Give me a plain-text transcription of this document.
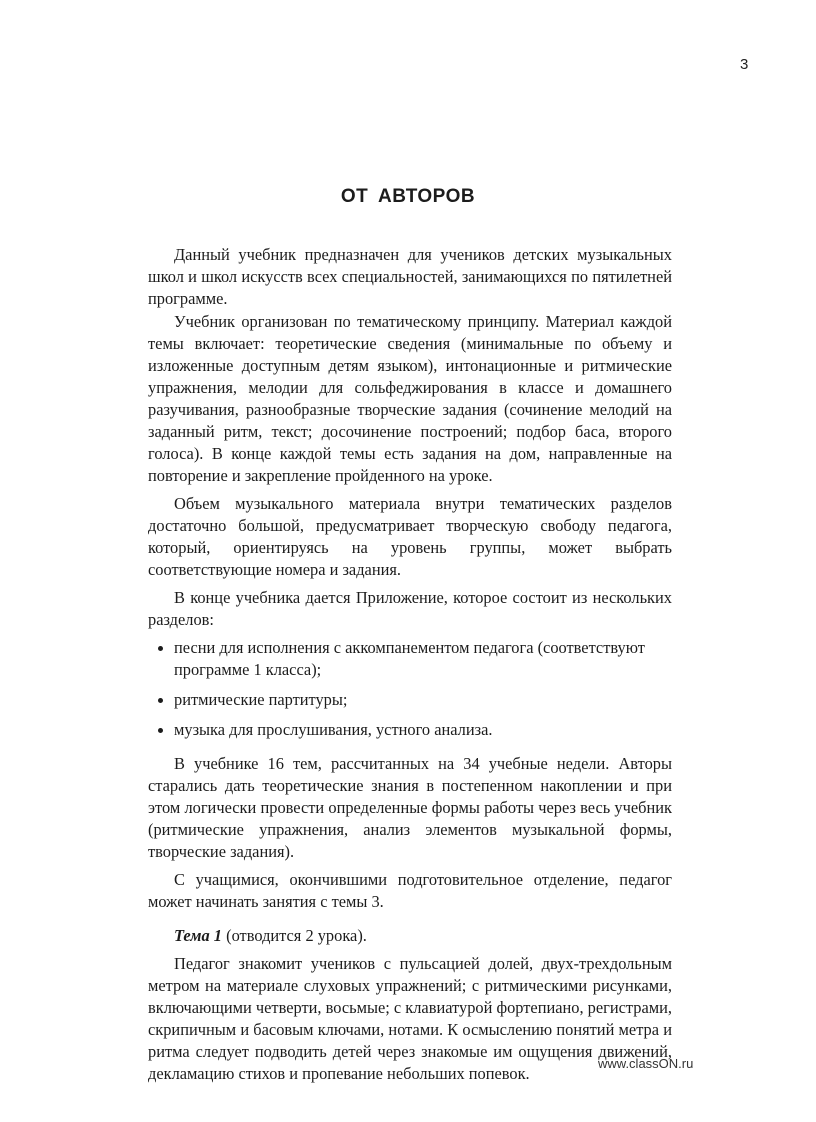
3
ОТ АВТОРОВ

Данный учебник предназначен для учеников детских музыкальных школ и школ искусств всех специальностей, занимающихся по пятилетней программе.

Учебник организован по тематическому принципу. Материал каждой темы включает: теоретические сведения (минимальные по объему и изложенные доступным детям языком), интонационные и ритмические упражнения, мелодии для сольфеджирования в классе и домашнего разучивания, разнообразные творческие задания (сочинение мелодий на заданный ритм, текст; досочинение построений; подбор баса, второго голоса). В конце каждой темы есть задания на дом, направленные на повторение и закрепление пройденного на уроке.

Объем музыкального материала внутри тематических разделов достаточно большой, предусматривает творческую свободу педагога, который, ориентируясь на уровень группы, может выбрать соответствующие номера и задания.

В конце учебника дается Приложение, которое состоит из нескольких разделов:

песни для исполнения с аккомпанементом педагога (соответствуют программе 1 класса);
ритмические партитуры;
музыка для прослушивания, устного анализа.

В учебнике 16 тем, рассчитанных на 34 учебные недели. Авторы старались дать теоретические знания в постепенном накоплении и при этом логически провести определенные формы работы через весь учебник (ритмические упражнения, анализ элементов музыкальной формы, творческие задания).

С учащимися, окончившими подготовительное отделение, педагог может начинать занятия с темы 3.

Тема 1 (отводится 2 урока).

Педагог знакомит учеников с пульсацией долей, двух-трехдольным метром на материале слуховых упражнений; с ритмическими рисунками, включающими четверти, восьмые; с клавиатурой фортепиано, регистрами, скрипичным и басовым ключами, нотами. К осмыслению понятий метра и ритма следует подводить детей через знакомые им ощущения движений, декламацию стихов и пропевание небольших попевок.

www.classON.ru
